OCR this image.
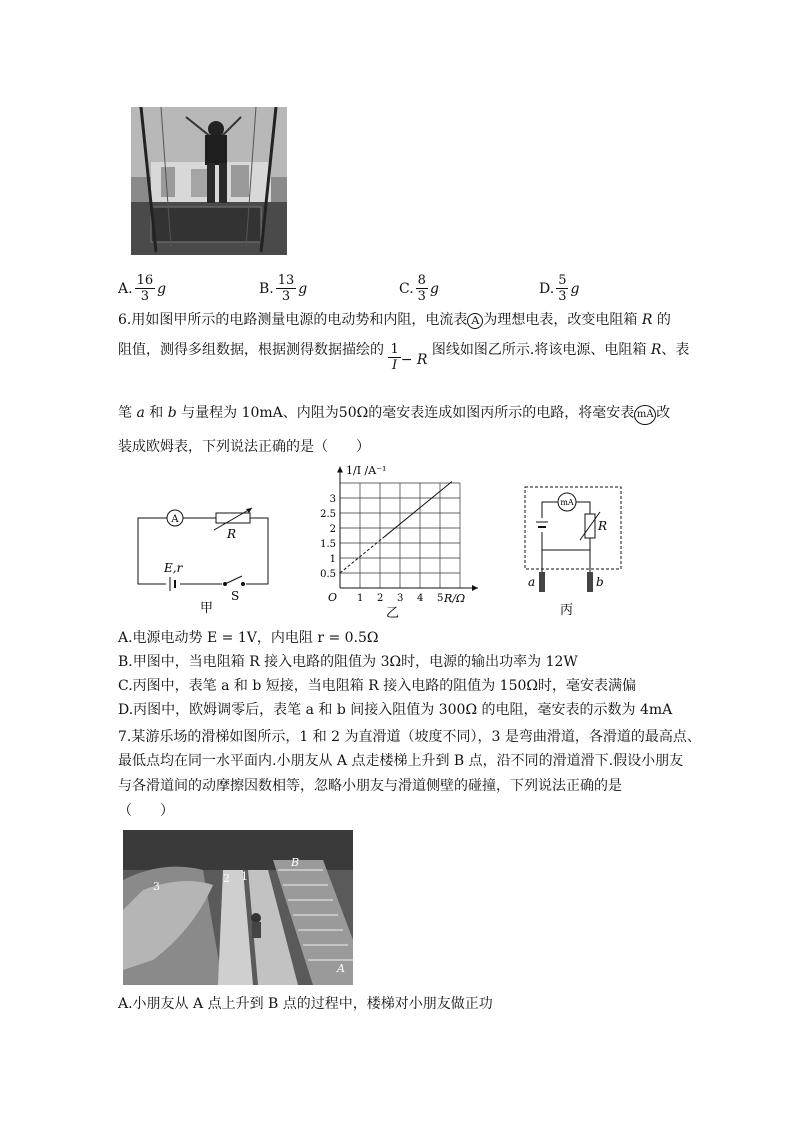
A. $\frac{16}{3}$ g	B. $\frac{13}{3}$ g	C. $\frac{8}{3}$ g	D. $\frac{5}{3}$ g
6.用如图甲所示的电路测量电源的电动势和内阻，电流表 A 为理想电表，改变电阻箱 R 的
阻值，测得多组数据，根据测得数据描绘的 $\frac{1}{I} - R$ 图线如图乙所示.将该电源、电阻箱 R、表
笔 a 和 b 与量程为 10mA、内阻为50Ω的毫安表连成如图丙所示的电路，将毫安表 mA 改
装成欧姆表，下列说法正确的是（　　）
A
R
E,r
S
甲
1 2 3 4 5
0.5
1
1.5
2
2.5
3
1/I /A⁻¹
R/Ω
O
乙
mA
R
a	b
丙
A.电源电动势 E = 1V，内电阻 r = 0.5Ω
B.甲图中，当电阻箱 R 接入电路的阻值为 3Ω时，电源的输出功率为 12W
C.丙图中，表笔 a 和 b 短接，当电阻箱 R 接入电路的阻值为 150Ω时，毫安表满偏
D.丙图中，欧姆调零后，表笔 a 和 b 间接入阻值为 300Ω 的电阻，毫安表的示数为 4mA
7.某游乐场的滑梯如图所示，1 和 2 为直滑道（坡度不同），3 是弯曲滑道，各滑道的最高点、
最低点均在同一水平面内.小朋友从 A 点走楼梯上升到 B 点，沿不同的滑道滑下.假设小朋友
与各滑道间的动摩擦因数相等，忽略小朋友与滑道侧壁的碰撞，下列说法正确的是
（　　）
1
2
3
B
A
A.小朋友从 A 点上升到 B 点的过程中，楼梯对小朋友做正功
